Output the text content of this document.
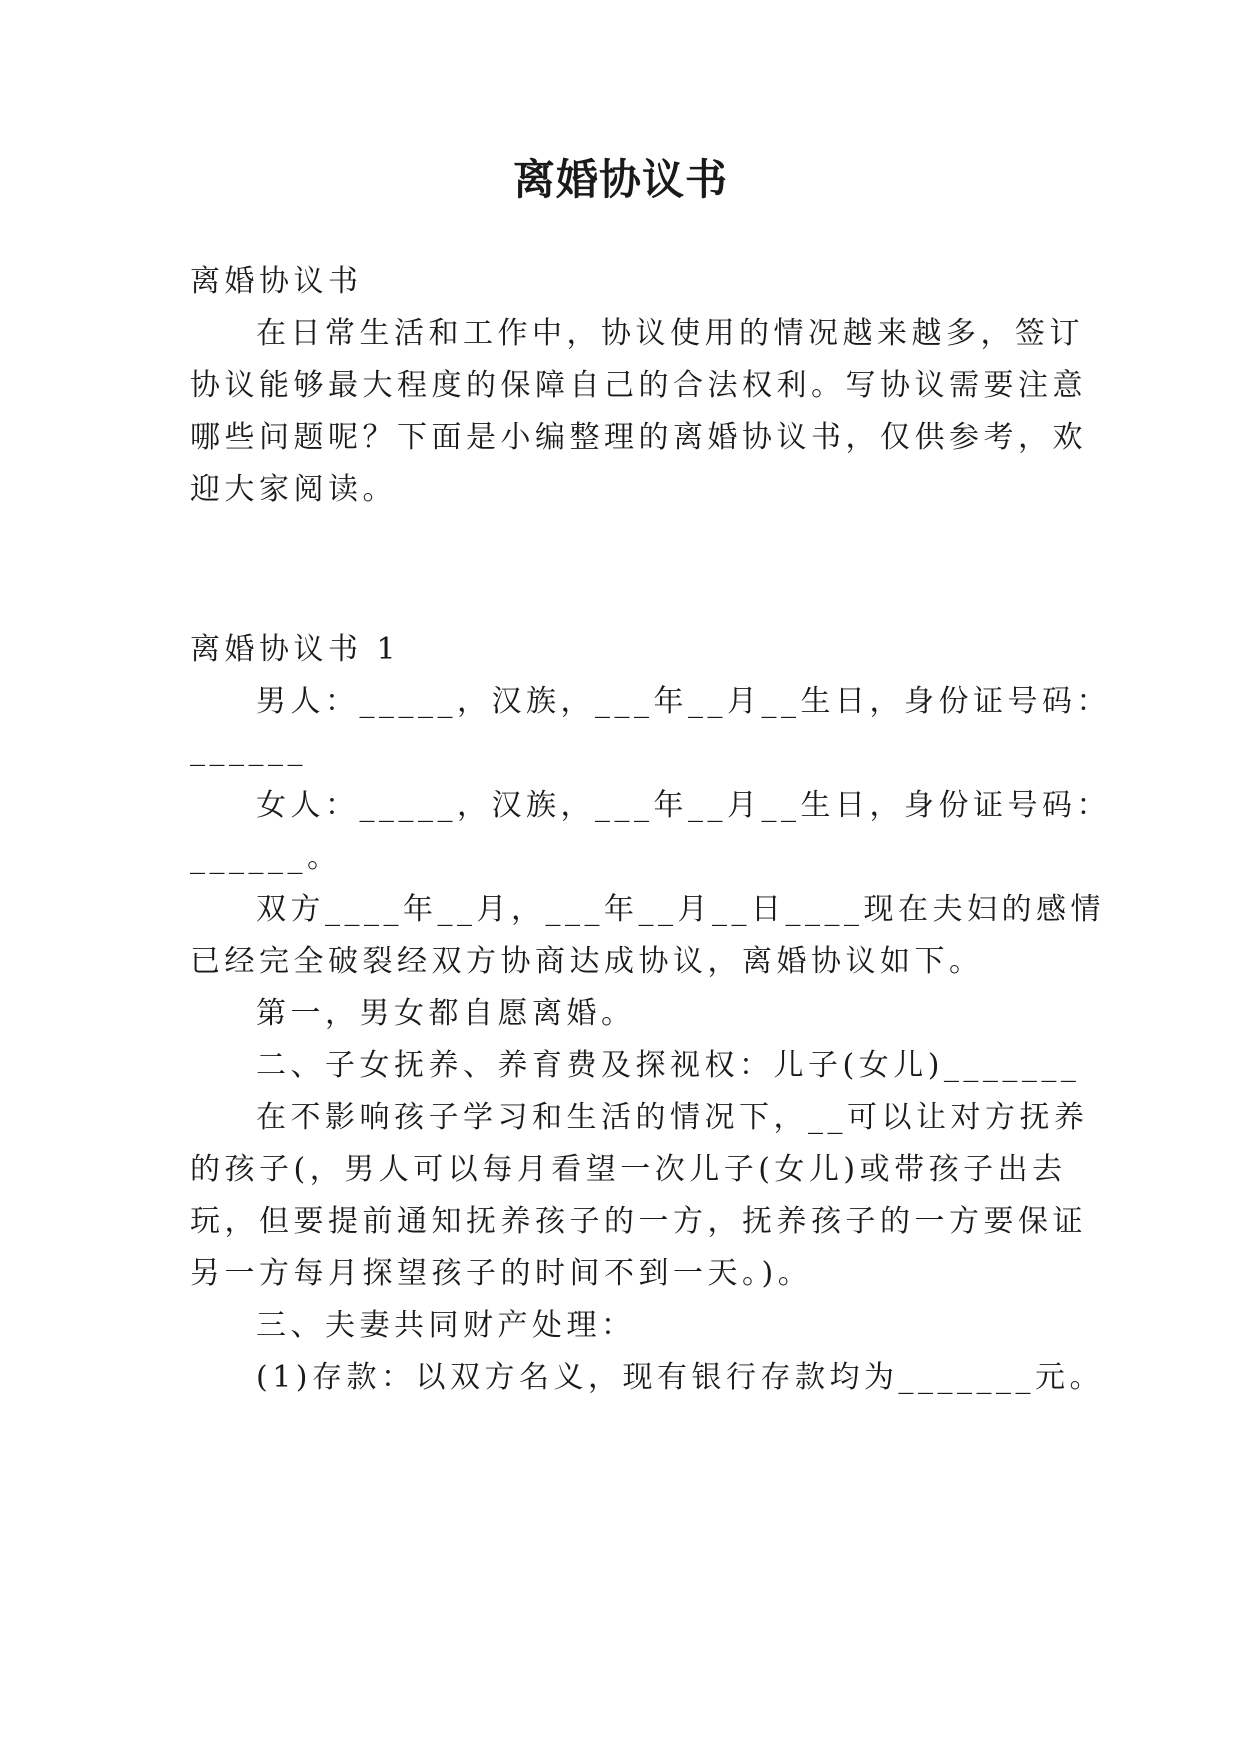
离婚协议书
离婚协议书
在日常生活和工作中，协议使用的情况越来越多，签订
协议能够最大程度的保障自己的合法权利。写协议需要注意
哪些问题呢？下面是小编整理的离婚协议书，仅供参考，欢
迎大家阅读。
离婚协议书 1
男人：_____，汉族，___年__月__生日，身份证号码：
______
女人：_____，汉族，___年__月__生日，身份证号码：
______。
双方____年__月，___年__月__日____现在夫妇的感情
已经完全破裂经双方协商达成协议，离婚协议如下。
第一，男女都自愿离婚。
二、子女抚养、养育费及探视权：儿子(女儿)_______
在不影响孩子学习和生活的情况下，__可以让对方抚养
的孩子(，男人可以每月看望一次儿子(女儿)或带孩子出去
玩，但要提前通知抚养孩子的一方，抚养孩子的一方要保证
另一方每月探望孩子的时间不到一天。)。
三、夫妻共同财产处理：
(1)存款：以双方名义，现有银行存款均为_______元。
